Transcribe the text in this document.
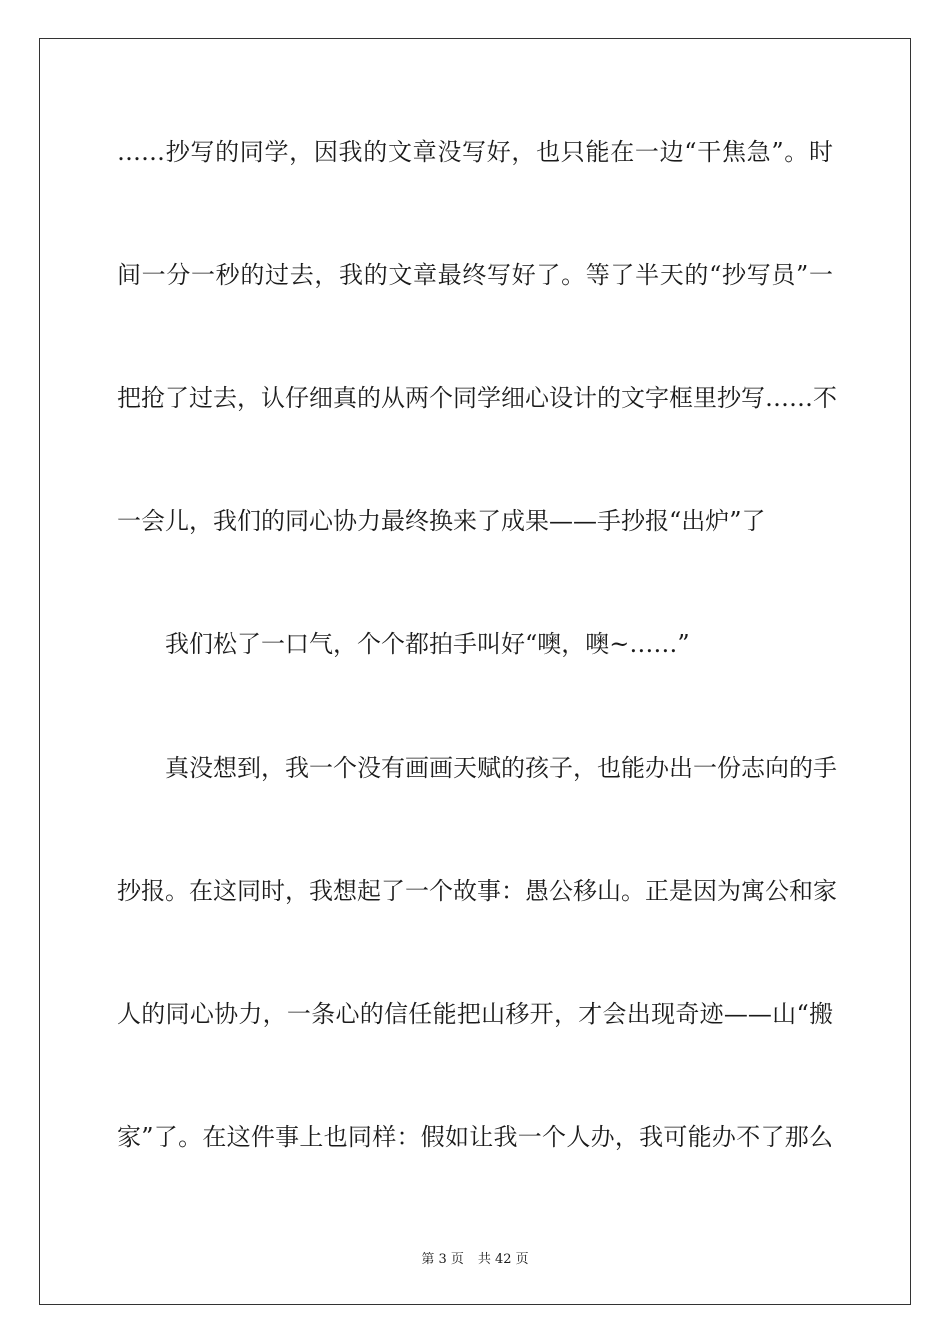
……抄写的同学，因我的文章没写好，也只能在一边“干焦急”。时
间一分一秒的过去，我的文章最终写好了。等了半天的“抄写员”一
把抢了过去，认仔细真的从两个同学细心设计的文字框里抄写……不
一会儿，我们的同心协力最终换来了成果——手抄报“出炉”了
我们松了一口气，个个都拍手叫好“噢，噢~……”
真没想到，我一个没有画画天赋的孩子，也能办出一份志向的手
抄报。在这同时，我想起了一个故事：愚公移山。正是因为寓公和家
人的同心协力，一条心的信任能把山移开，才会出现奇迹——山“搬
家”了。在这件事上也同样：假如让我一个人办，我可能办不了那么
第 3 页 共 42 页
